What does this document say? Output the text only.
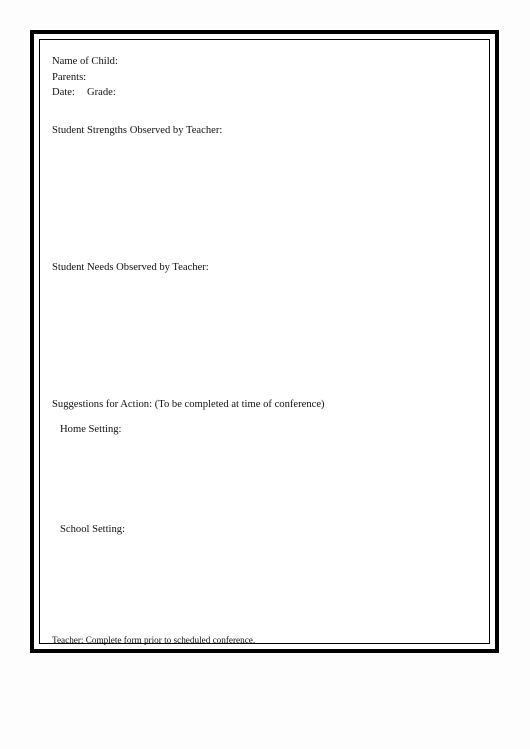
Name of Child:
Parents:
Date: Grade:
Student Strengths Observed by Teacher:
Student Needs Observed by Teacher:
Suggestions for Action: (To be completed at time of conference)
Home Setting:
School Setting:
Teacher: Complete form prior to scheduled conference.
